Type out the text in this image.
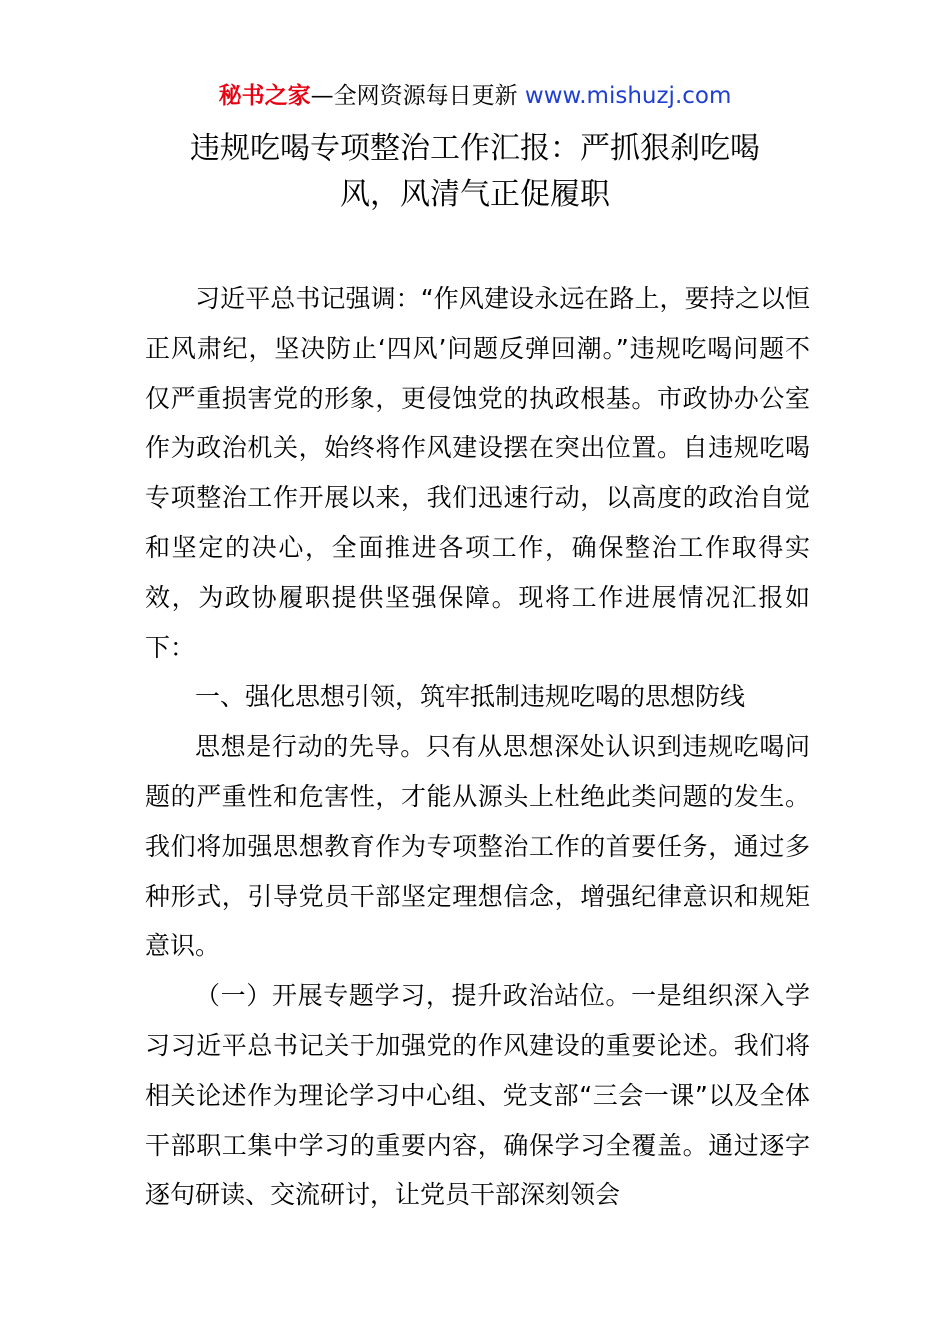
秘书之家—全网资源每日更新 www.mishuzj.com
违规吃喝专项整治工作汇报：严抓狠刹吃喝
风，风清气正促履职

习近平总书记强调：“作风建设永远在路上，要持之以恒正风肃纪，坚决防止‘四风’问题反弹回潮。”违规吃喝问题不仅严重损害党的形象，更侵蚀党的执政根基。市政协办公室作为政治机关，始终将作风建设摆在突出位置。自违规吃喝专项整治工作开展以来，我们迅速行动，以高度的政治自觉和坚定的决心，全面推进各项工作，确保整治工作取得实效，为政协履职提供坚强保障。现将工作进展情况汇报如下：

一、强化思想引领，筑牢抵制违规吃喝的思想防线

思想是行动的先导。只有从思想深处认识到违规吃喝问题的严重性和危害性，才能从源头上杜绝此类问题的发生。我们将加强思想教育作为专项整治工作的首要任务，通过多种形式，引导党员干部坚定理想信念，增强纪律意识和规矩意识。

（一）开展专题学习，提升政治站位。一是组织深入学习习近平总书记关于加强党的作风建设的重要论述。我们将相关论述作为理论学习中心组、党支部“三会一课”以及全体干部职工集中学习的重要内容，确保学习全覆盖。通过逐字逐句研读、交流研讨，让党员干部深刻领会
